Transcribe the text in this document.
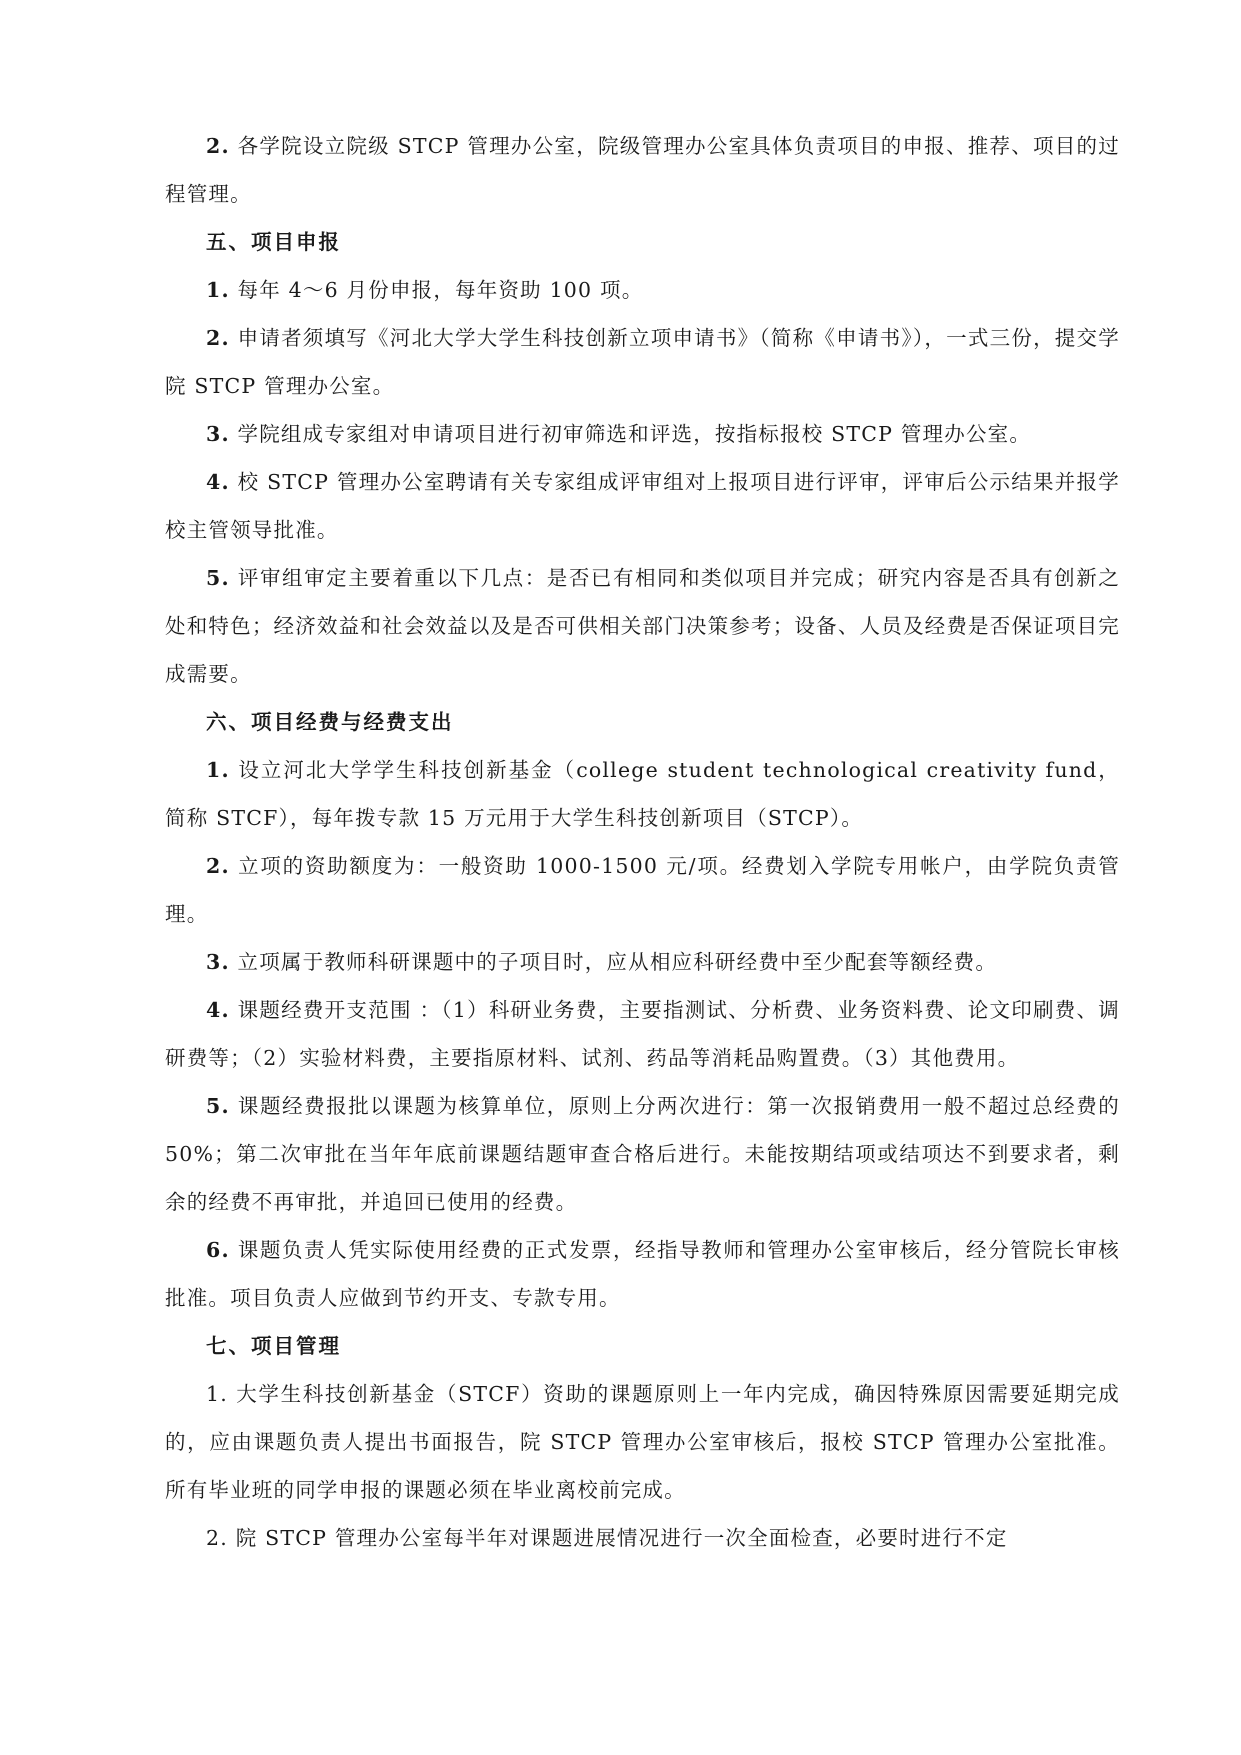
2. 各学院设立院级 STCP 管理办公室，院级管理办公室具体负责项目的申报、推荐、项目的过程管理。

五、项目申报

1. 每年 4～6 月份申报，每年资助 100 项。

2. 申请者须填写《河北大学大学生科技创新立项申请书》（简称《申请书》），一式三份，提交学院 STCP 管理办公室。

3. 学院组成专家组对申请项目进行初审筛选和评选，按指标报校 STCP 管理办公室。

4. 校 STCP 管理办公室聘请有关专家组成评审组对上报项目进行评审，评审后公示结果并报学校主管领导批准。

5. 评审组审定主要着重以下几点：是否已有相同和类似项目并完成；研究内容是否具有创新之处和特色；经济效益和社会效益以及是否可供相关部门决策参考；设备、人员及经费是否保证项目完成需要。

六、项目经费与经费支出

1. 设立河北大学学生科技创新基金（college student technological creativity fund，简称 STCF），每年拨专款 15 万元用于大学生科技创新项目（STCP）。

2. 立项的资助额度为：一般资助 1000-1500 元/项。经费划入学院专用帐户，由学院负责管理。

3. 立项属于教师科研课题中的子项目时，应从相应科研经费中至少配套等额经费。

4. 课题经费开支范围 ：（1）科研业务费，主要指测试、分析费、业务资料费、论文印刷费、调研费等；（2）实验材料费，主要指原材料、试剂、药品等消耗品购置费。（3）其他费用。

5. 课题经费报批以课题为核算单位，原则上分两次进行：第一次报销费用一般不超过总经费的 50%；第二次审批在当年年底前课题结题审查合格后进行。未能按期结项或结项达不到要求者，剩余的经费不再审批，并追回已使用的经费。

6. 课题负责人凭实际使用经费的正式发票，经指导教师和管理办公室审核后，经分管院长审核批准。项目负责人应做到节约开支、专款专用。

七、项目管理

1. 大学生科技创新基金（STCF）资助的课题原则上一年内完成，确因特殊原因需要延期完成的，应由课题负责人提出书面报告，院 STCP 管理办公室审核后，报校 STCP 管理办公室批准。所有毕业班的同学申报的课题必须在毕业离校前完成。

2. 院 STCP 管理办公室每半年对课题进展情况进行一次全面检查，必要时进行不定
